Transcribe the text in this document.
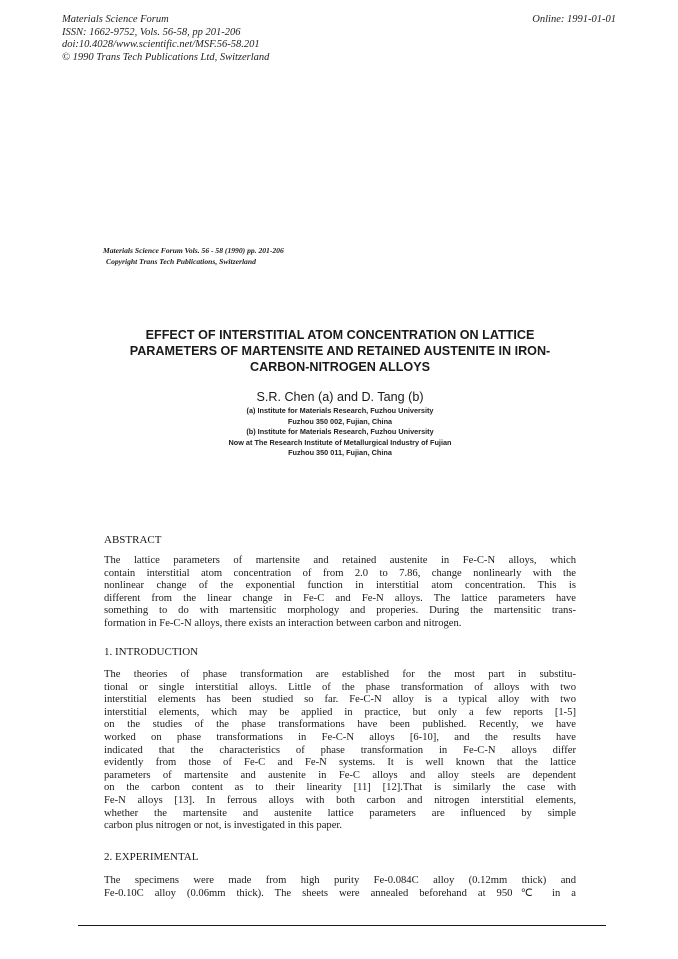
Materials Science Forum
ISSN: 1662-9752, Vols. 56-58, pp 201-206
doi:10.4028/www.scientific.net/MSF.56-58.201
© 1990 Trans Tech Publications Ltd, Switzerland
Online: 1991-01-01
Materials Science Forum Vols. 56 - 58 (1990) pp. 201-206
Copyright Trans Tech Publications, Switzerland
EFFECT OF INTERSTITIAL ATOM CONCENTRATION ON LATTICE
PARAMETERS OF MARTENSITE AND RETAINED AUSTENITE IN IRON-
CARBON-NITROGEN ALLOYS
S.R. Chen (a) and D. Tang (b)
(a) Institute for Materials Research, Fuzhou University
Fuzhou 350 002, Fujian, China
(b) Institute for Materials Research, Fuzhou University
Now at The Research Institute of Metallurgical Industry of Fujian
Fuzhou 350 011, Fujian, China
ABSTRACT
The lattice parameters of martensite and retained austenite in Fe-C-N alloys, which
contain interstitial atom concentration of from 2.0 to 7.86, change nonlinearly with the
nonlinear change of the exponential function in interstitial atom concentration. This is
different from the linear change in Fe-C and Fe-N alloys. The lattice parameters have
something to do with martensitic morphology and properies. During the martensitic trans-
formation in Fe-C-N alloys, there exists an interaction between carbon and nitrogen.
1. INTRODUCTION
The theories of phase transformation are established for the most part in substitu-
tional or single interstitial alloys. Little of the phase transformation of alloys with two
interstitial elements has been studied so far. Fe-C-N alloy is a typical alloy with two
interstitial elements, which may be applied in practice, but only a few reports [1-5]
on the studies of the phase transformations have been published. Recently, we have
worked on phase transformations in Fe-C-N alloys [6-10], and the results have
indicated that the characteristics of phase transformation in Fe-C-N alloys differ
evidently from those of Fe-C and Fe-N systems. It is well known that the lattice
parameters of martensite and austenite in Fe-C alloys and alloy steels are dependent
on the carbon content as to their linearity [11] [12].That is similarly the case with
Fe-N alloys [13]. In ferrous alloys with both carbon and nitrogen interstitial elements,
whether the martensite and austenite lattice parameters are influenced by simple
carbon plus nitrogen or not, is investigated in this paper.
2. EXPERIMENTAL
The specimens were made from high purity Fe-0.084C alloy (0.12mm thick) and
Fe-0.10C alloy (0.06mm thick). The sheets were annealed beforehand at 950℃ in a
